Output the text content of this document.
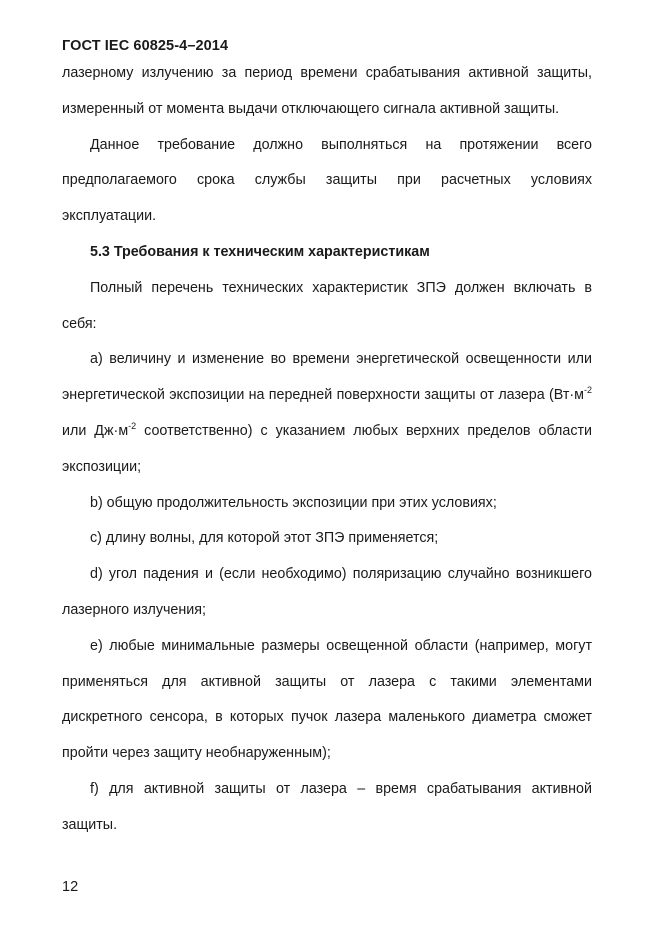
ГОСТ IEC 60825-4–2014

лазерному излучению за период времени срабатывания активной защиты, измеренный от момента выдачи отключающего сигнала активной защиты.

Данное требование должно выполняться на протяжении всего предполагаемого срока службы защиты при расчетных условиях эксплуатации.

5.3 Требования к техническим характеристикам

Полный перечень технических характеристик ЗПЭ должен включать в себя:

а) величину и изменение во времени энергетической освещенности или энергетической экспозиции на передней поверхности защиты от лазера ($Вт\cdot м^{-2}$ или $Дж\cdot м^{-2}$ соответственно) с указанием любых верхних пределов области экспозиции;

b) общую продолжительность экспозиции при этих условиях;

c) длину волны, для которой этот ЗПЭ применяется;

d) угол падения и (если необходимо) поляризацию случайно возникшего лазерного излучения;

e) любые минимальные размеры освещенной области (например, могут применяться для активной защиты от лазера с такими элементами дискретного сенсора, в которых пучок лазера маленького диаметра сможет пройти через защиту необнаруженным);

f) для активной защиты от лазера – время срабатывания активной защиты.

12
